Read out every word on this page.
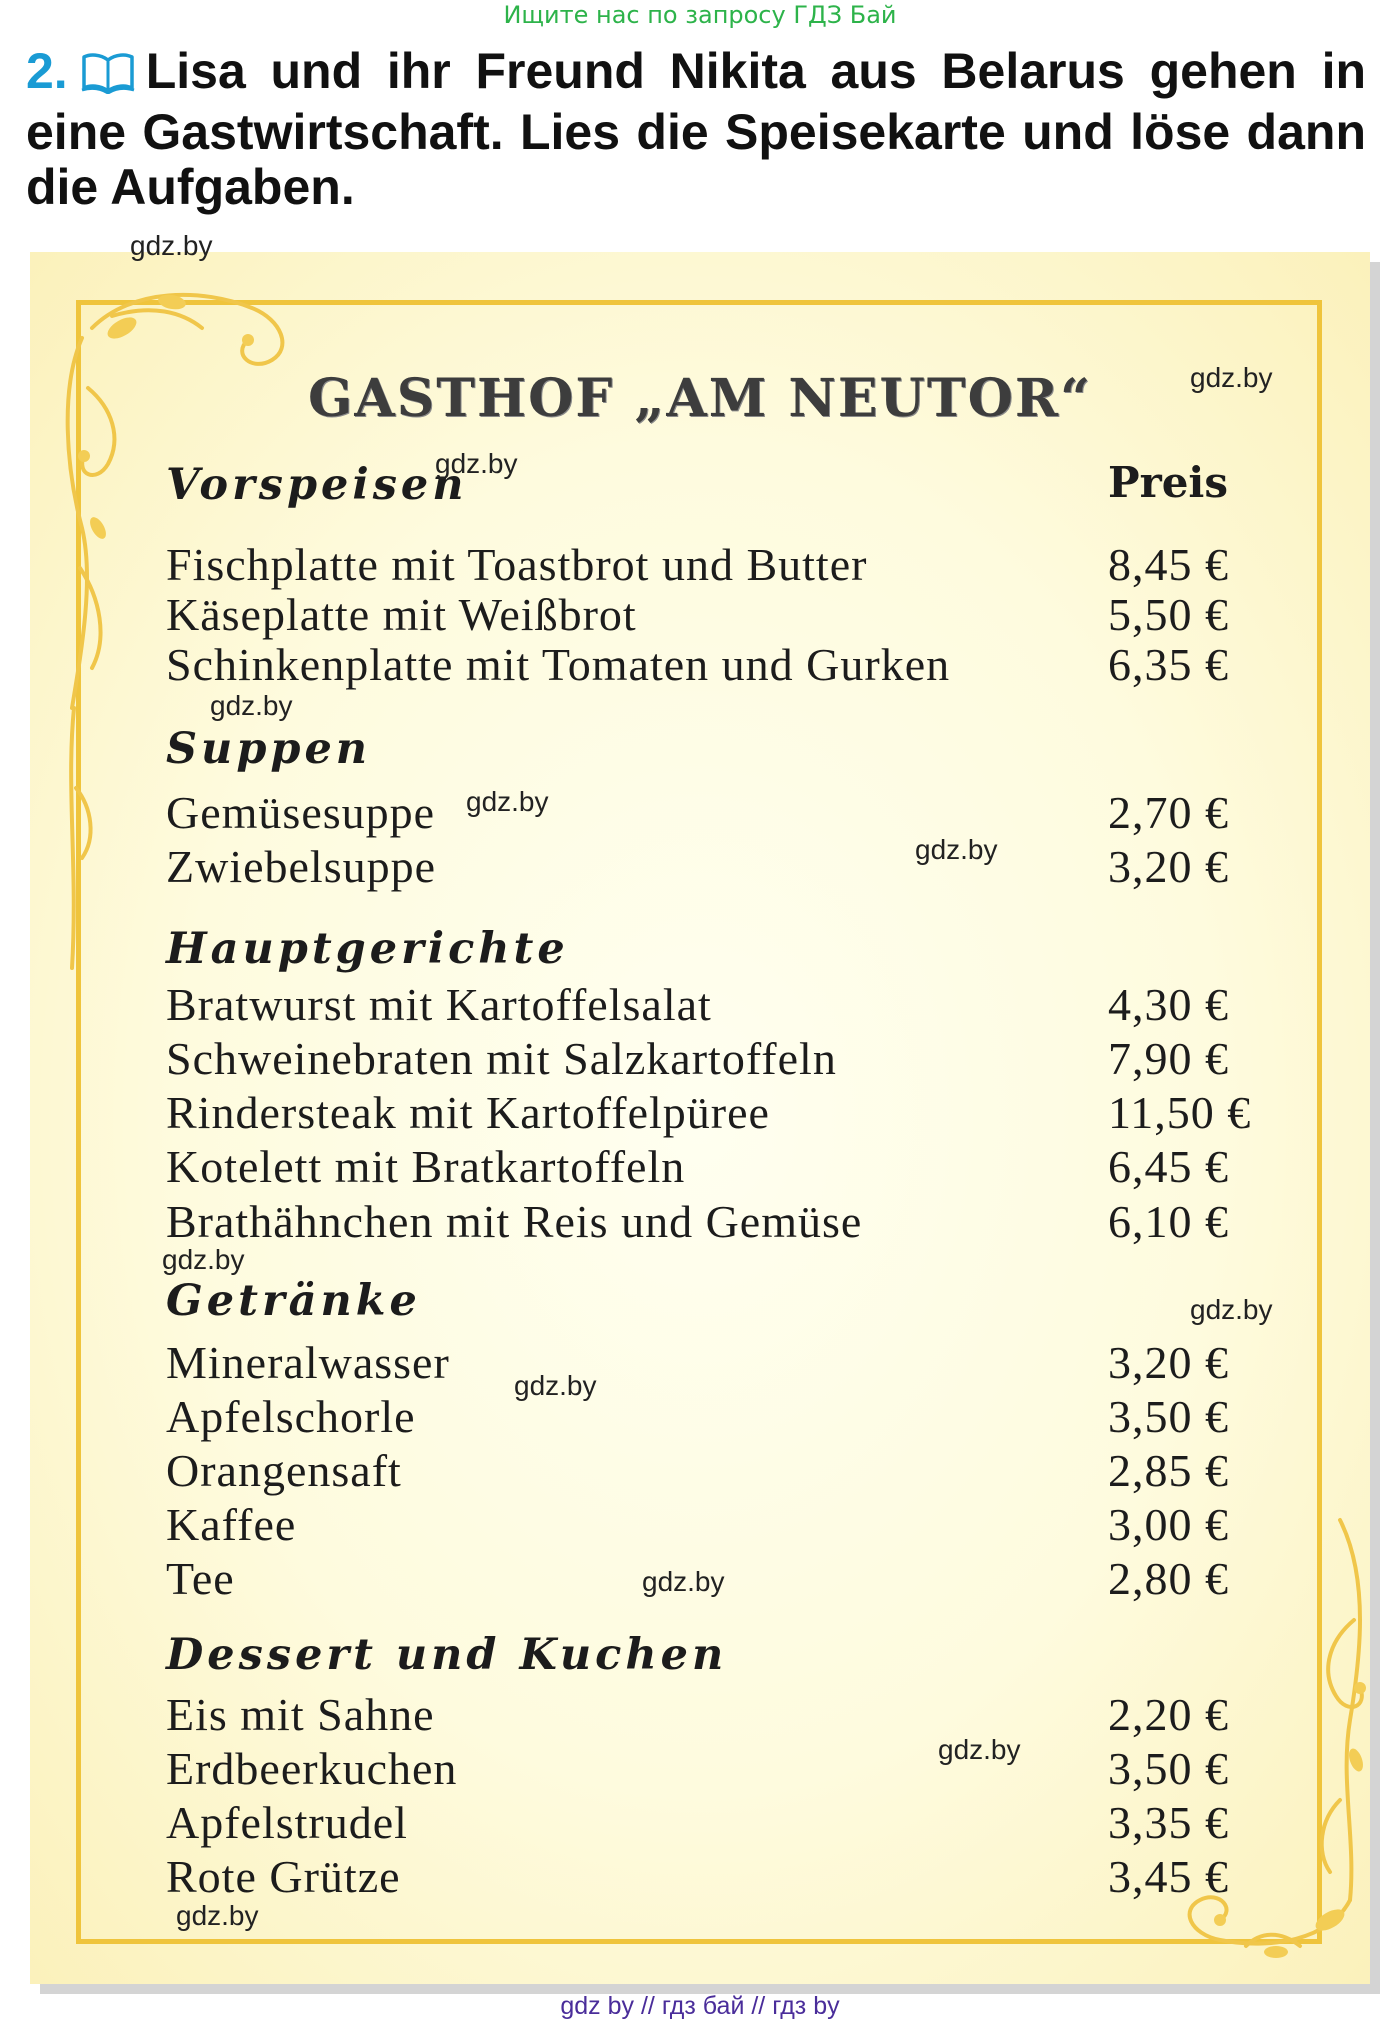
Ищите нас по запросу ГДЗ Бай
2. Lisa und ihr Freund Nikita aus Belarus gehen in eine Gastwirtschaft. Lies die Speisekarte und löse dann die Aufgaben.
GASTHOF „AM NEUTOR“
Preis
Vorspeisen
Fischplatte mit Toastbrot und Butter	8,45 €
Käseplatte mit Weißbrot	5,50 €
Schinkenplatte mit Tomaten und Gurken	6,35 €
Suppen
Gemüsesuppe	2,70 €
Zwiebelsuppe	3,20 €
Hauptgerichte
Bratwurst mit Kartoffelsalat	4,30 €
Schweinebraten mit Salzkartoffeln	7,90 €
Rindersteak mit Kartoffelpüree	11,50 €
Kotelett mit Bratkartoffeln	6,45 €
Brathähnchen mit Reis und Gemüse	6,10 €
Getränke
Mineralwasser	3,20 €
Apfelschorle	3,50 €
Orangensaft	2,85 €
Kaffee	3,00 €
Tee	2,80 €
Dessert und Kuchen
Eis mit Sahne	2,20 €
Erdbeerkuchen	3,50 €
Apfelstrudel	3,35 €
Rote Grütze	3,45 €
gdz.by
gdz.by
gdz.by
gdz.by
gdz.by
gdz.by
gdz.by
gdz.by
gdz.by
gdz.by
gdz.by
gdz.by
gdz by // гдз бай // гдз by
